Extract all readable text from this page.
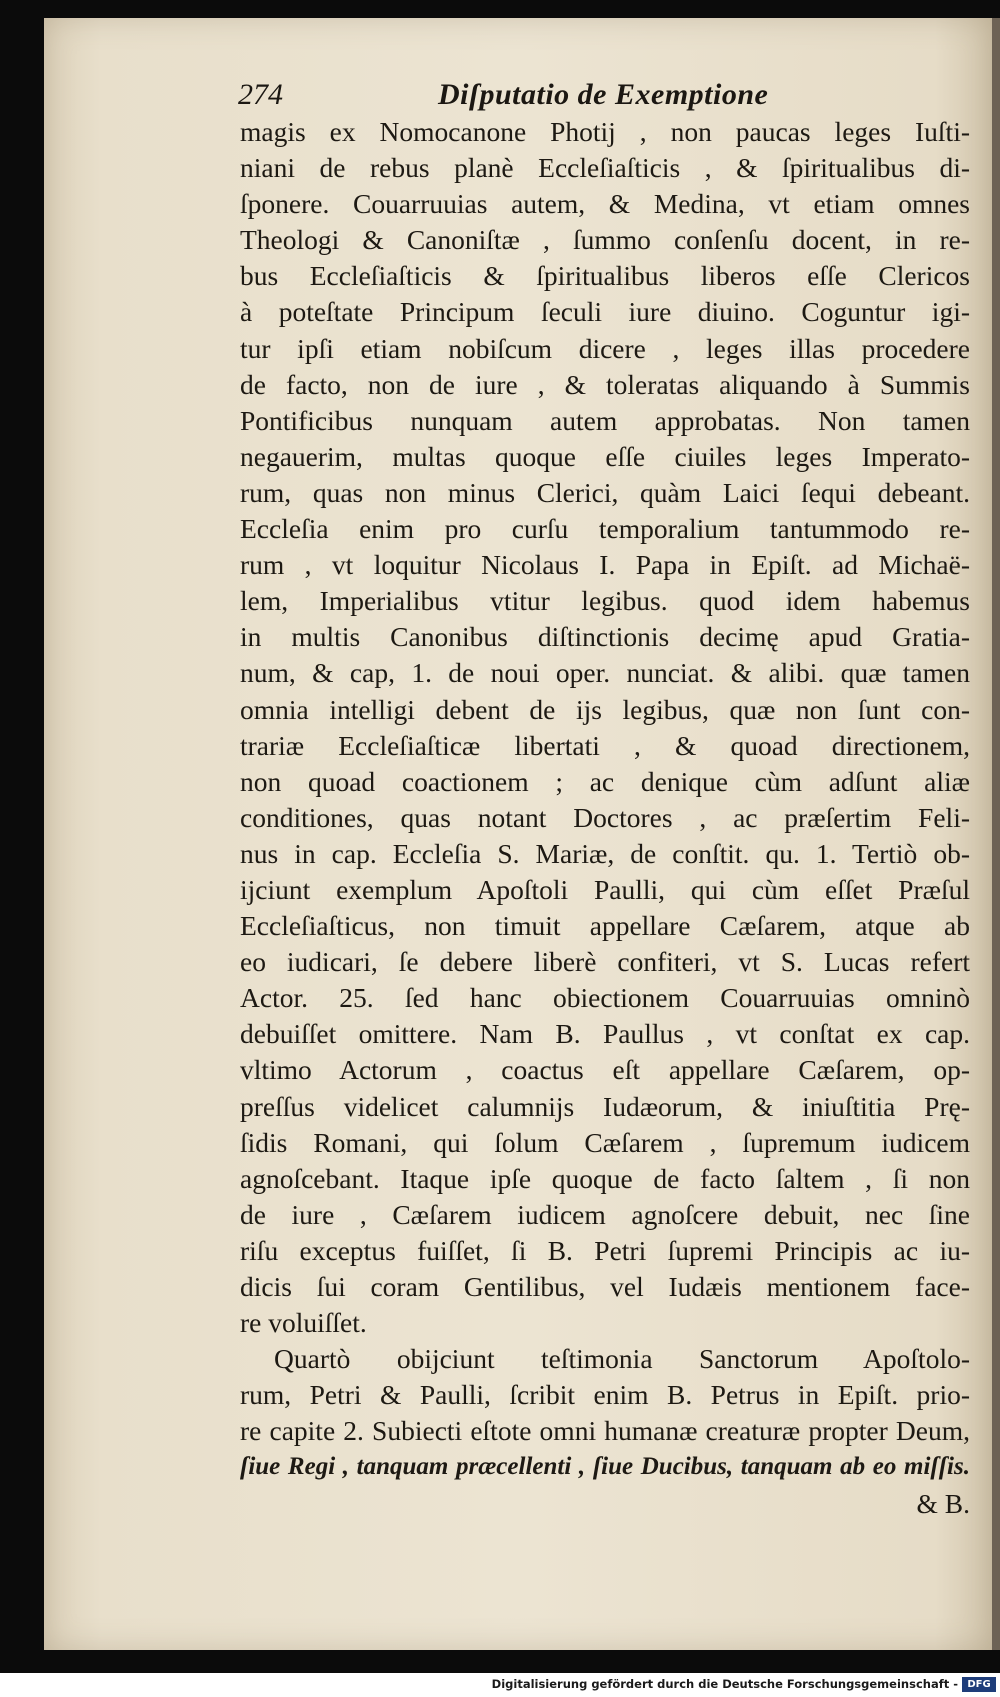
274	Diſputatio de Exemptione
magis ex Nomocanone Photij , non paucas leges Iuſti-
niani de rebus planè Eccleſiaſticis , & ſpiritualibus di-
ſponere. Couarruuias autem, & Medina, vt etiam omnes
Theologi & Canoniſtæ , ſummo conſenſu docent, in re-
bus Eccleſiaſticis & ſpiritualibus liberos eſſe Clericos
à poteſtate Principum ſeculi iure diuino. Coguntur igi-
tur ipſi etiam nobiſcum dicere , leges illas procedere
de facto, non de iure , & toleratas aliquando à Summis
Pontificibus nunquam autem approbatas. Non tamen
negauerim, multas quoque eſſe ciuiles leges Imperato-
rum, quas non minus Clerici, quàm Laici ſequi debeant.
Eccleſia enim pro curſu temporalium tantummodo re-
rum , vt loquitur Nicolaus I. Papa in Epiſt. ad Michaë-
lem, Imperialibus vtitur legibus. quod idem habemus
in multis Canonibus diſtinctionis decimę apud Gratia-
num, & cap, 1. de noui oper. nunciat. & alibi. quæ tamen
omnia intelligi debent de ijs legibus, quæ non ſunt con-
trariæ Eccleſiaſticæ libertati , & quoad directionem,
non quoad coactionem ; ac denique cùm adſunt aliæ
conditiones, quas notant Doctores , ac præſertim Feli-
nus in cap. Eccleſia S. Mariæ, de conſtit. qu. 1. Tertiò ob-
ijciunt exemplum Apoſtoli Paulli, qui cùm eſſet Præſul
Eccleſiaſticus, non timuit appellare Cæſarem, atque ab
eo iudicari, ſe debere liberè confiteri, vt S. Lucas refert
Actor. 25. ſed hanc obiectionem Couarruuias omninò
debuiſſet omittere. Nam B. Paullus , vt conſtat ex cap.
vltimo Actorum , coactus eſt appellare Cæſarem, op-
preſſus videlicet calumnijs Iudæorum, & iniuſtitia Prę-
ſidis Romani, qui ſolum Cæſarem , ſupremum iudicem
agnoſcebant. Itaque ipſe quoque de facto ſaltem , ſi non
de iure , Cæſarem iudicem agnoſcere debuit, nec ſine
riſu exceptus fuiſſet, ſi B. Petri ſupremi Principis ac iu-
dicis ſui coram Gentilibus, vel Iudæis mentionem face-
re voluiſſet.
Quartò obijciunt teſtimonia Sanctorum Apoſtolo-
rum, Petri & Paulli, ſcribit enim B. Petrus in Epiſt. prio-
re capite 2. Subiecti eſtote omni humanæ creaturæ propter Deum,
ſiue Regi , tanquam præcellenti , ſiue Ducibus, tanquam ab eo miſſis.
& B.
Digitalisierung gefördert durch die Deutsche Forschungsgemeinschaft - DFG
